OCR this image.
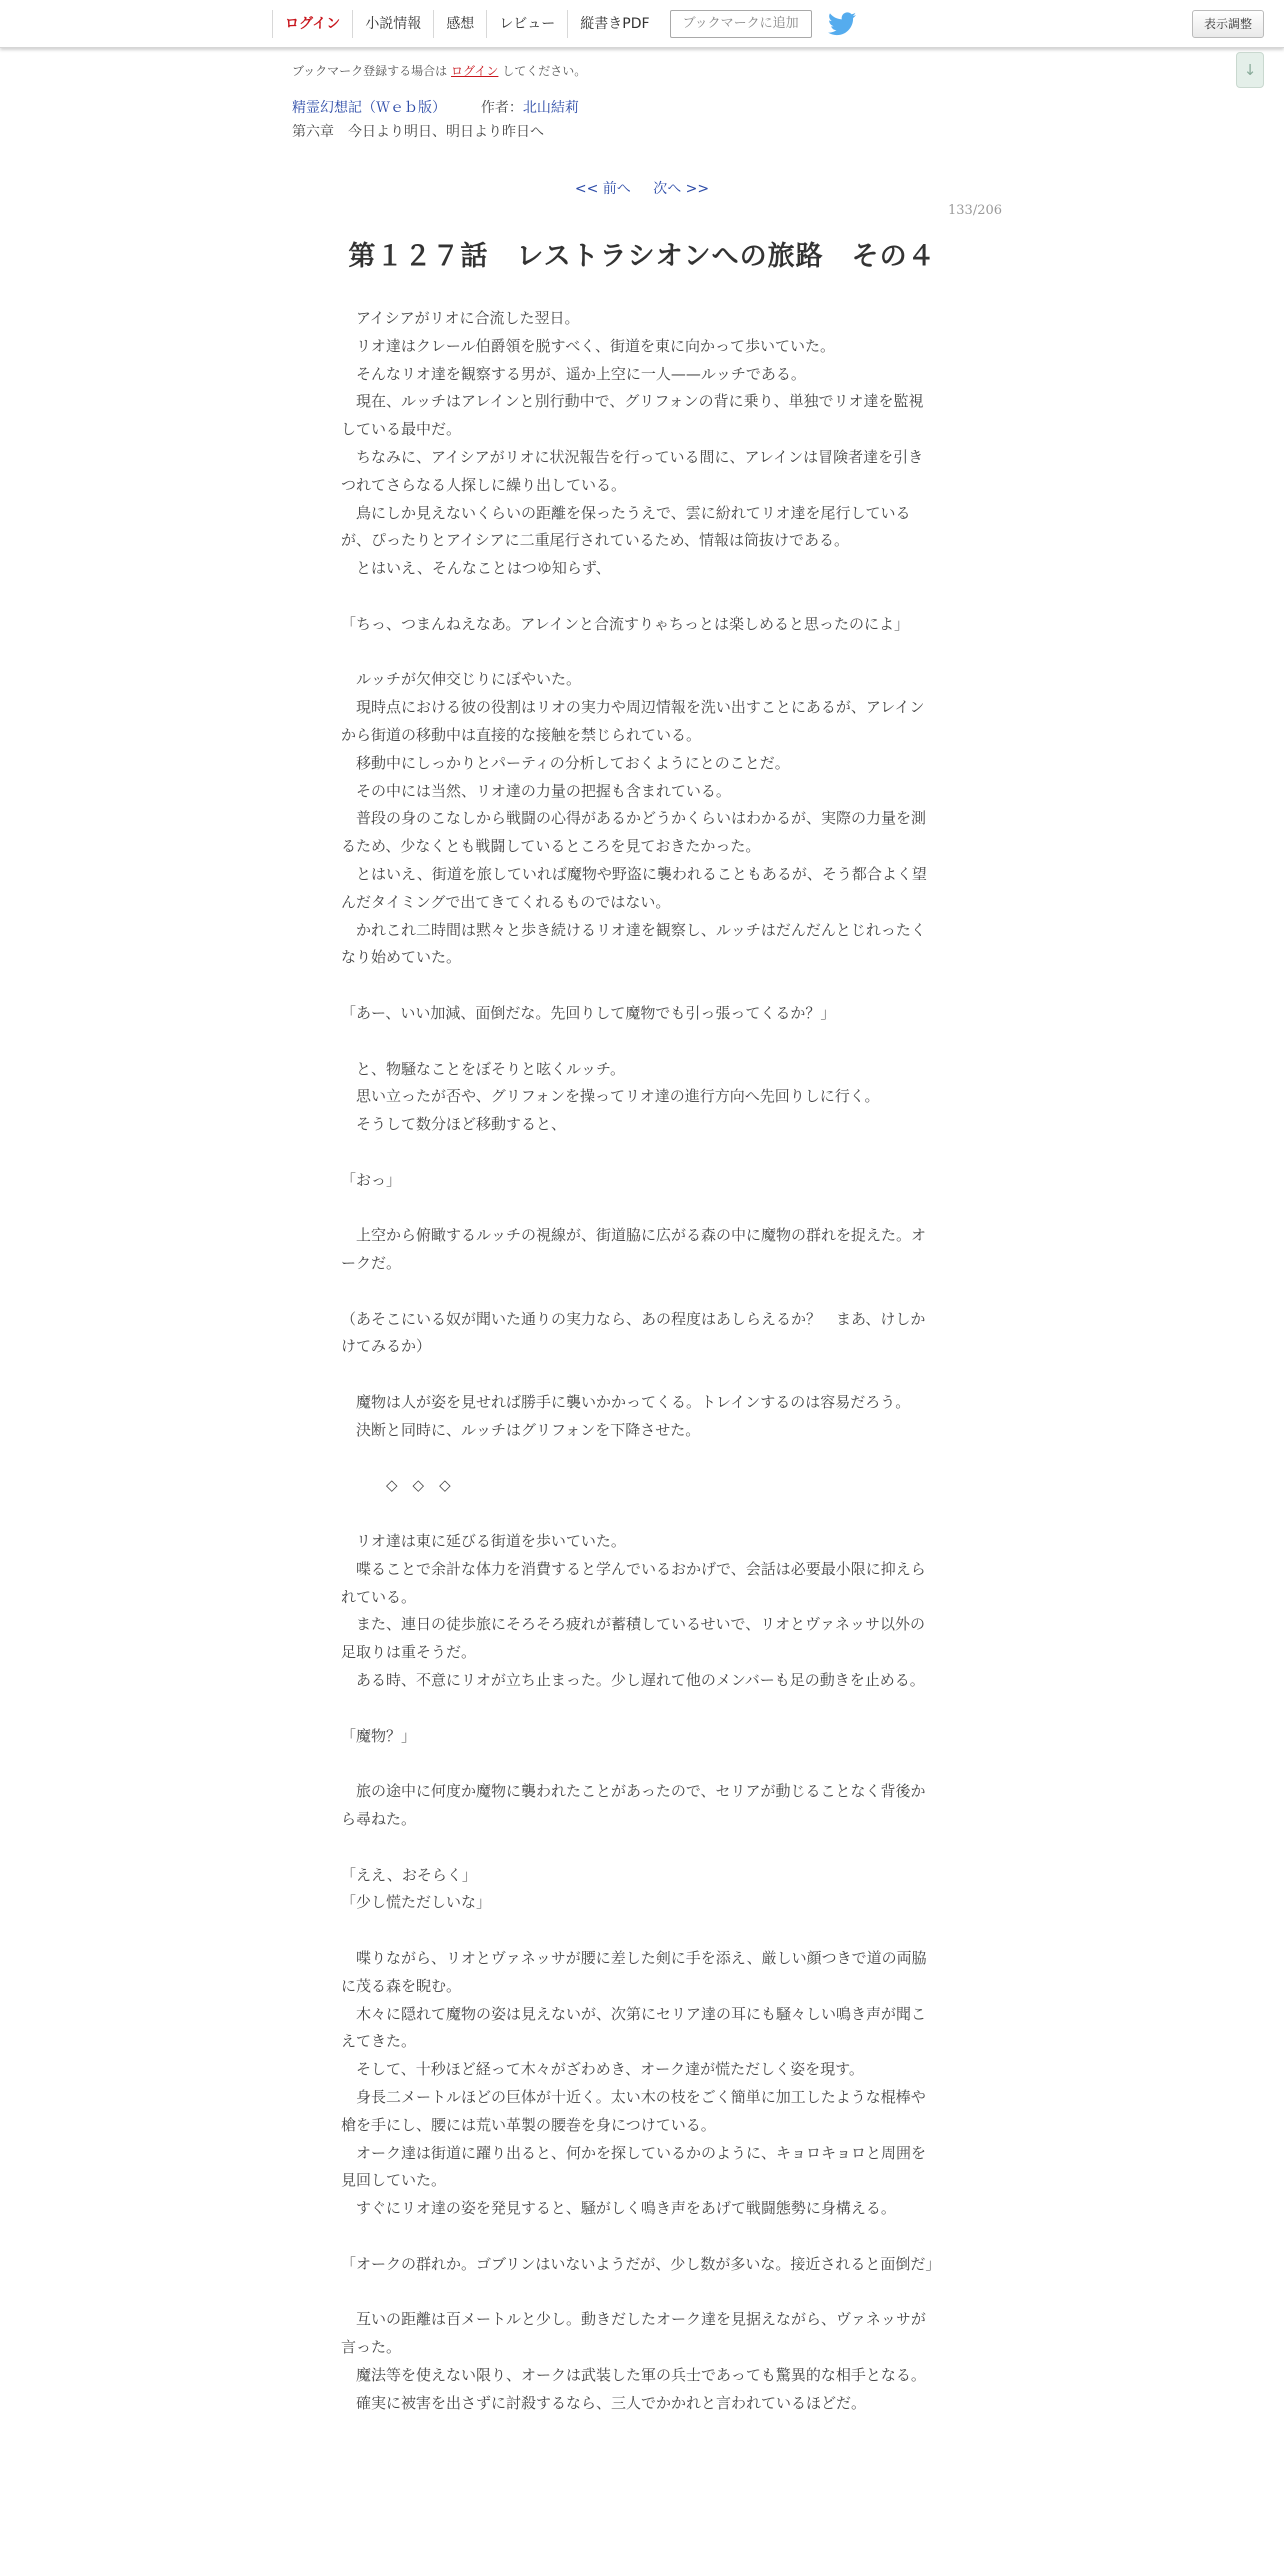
ログイン	小説情報	感想	レビュー	縦書きPDF	ブックマークに追加	表示調整
↓
ブックマーク登録する場合は ログイン してください。
精霊幻想記（Ｗｅｂ版） 作者：北山結莉
第六章　今日より明日、明日より昨日へ
<< 前へ 次へ >>
133/206
第１２７話　レストラシオンへの旅路　その４

　アイシアがリオに合流した翌日。

　リオ達はクレール伯爵領を脱すべく、街道を東に向かって歩いていた。

　そんなリオ達を観察する男が、遥か上空に一人——ルッチである。

　現在、ルッチはアレインと別行動中で、グリフォンの背に乗り、単独でリオ達を監視している最中だ。

　ちなみに、アイシアがリオに状況報告を行っている間に、アレインは冒険者達を引きつれてさらなる人探しに繰り出している。

　鳥にしか見えないくらいの距離を保ったうえで、雲に紛れてリオ達を尾行しているが、ぴったりとアイシアに二重尾行されているため、情報は筒抜けである。

　とはいえ、そんなことはつゆ知らず、

「ちっ、つまんねえなあ。アレインと合流すりゃちっとは楽しめると思ったのによ」

　ルッチが欠伸交じりにぼやいた。

　現時点における彼の役割はリオの実力や周辺情報を洗い出すことにあるが、アレインから街道の移動中は直接的な接触を禁じられている。

　移動中にしっかりとパーティの分析しておくようにとのことだ。

　その中には当然、リオ達の力量の把握も含まれている。

　普段の身のこなしから戦闘の心得があるかどうかくらいはわかるが、実際の力量を測るため、少なくとも戦闘しているところを見ておきたかった。

　とはいえ、街道を旅していれば魔物や野盗に襲われることもあるが、そう都合よく望んだタイミングで出てきてくれるものではない。

　かれこれ二時間は黙々と歩き続けるリオ達を観察し、ルッチはだんだんとじれったくなり始めていた。

「あー、いい加減、面倒だな。先回りして魔物でも引っ張ってくるか？」

　と、物騒なことをぼそりと呟くルッチ。

　思い立ったが否や、グリフォンを操ってリオ達の進行方向へ先回りしに行く。

　そうして数分ほど移動すると、

「おっ」

　上空から俯瞰するルッチの視線が、街道脇に広がる森の中に魔物の群れを捉えた。オークだ。

（あそこにいる奴が聞いた通りの実力なら、あの程度はあしらえるか？　まあ、けしかけてみるか）

　魔物は人が姿を見せれば勝手に襲いかかってくる。トレインするのは容易だろう。

　決断と同時に、ルッチはグリフォンを下降させた。

　　　◇　◇　◇

　リオ達は東に延びる街道を歩いていた。

　喋ることで余計な体力を消費すると学んでいるおかげで、会話は必要最小限に抑えられている。

　また、連日の徒歩旅にそろそろ疲れが蓄積しているせいで、リオとヴァネッサ以外の足取りは重そうだ。

　ある時、不意にリオが立ち止まった。少し遅れて他のメンバーも足の動きを止める。

「魔物？」

　旅の途中に何度か魔物に襲われたことがあったので、セリアが動じることなく背後から尋ねた。

「ええ、おそらく」

「少し慌ただしいな」

　喋りながら、リオとヴァネッサが腰に差した剣に手を添え、厳しい顔つきで道の両脇に茂る森を睨む。

　木々に隠れて魔物の姿は見えないが、次第にセリア達の耳にも騒々しい鳴き声が聞こえてきた。

　そして、十秒ほど経って木々がざわめき、オーク達が慌ただしく姿を現す。

　身長二メートルほどの巨体が十近く。太い木の枝をごく簡単に加工したような棍棒や槍を手にし、腰には荒い革製の腰巻を身につけている。

　オーク達は街道に躍り出ると、何かを探しているかのように、キョロキョロと周囲を見回していた。

　すぐにリオ達の姿を発見すると、騒がしく鳴き声をあげて戦闘態勢に身構える。

「オークの群れか。ゴブリンはいないようだが、少し数が多いな。接近されると面倒だ」

　互いの距離は百メートルと少し。動きだしたオーク達を見据えながら、ヴァネッサが言った。

　魔法等を使えない限り、オークは武装した軍の兵士であっても驚異的な相手となる。

　確実に被害を出さずに討殺するなら、三人でかかれと言われているほどだ。
